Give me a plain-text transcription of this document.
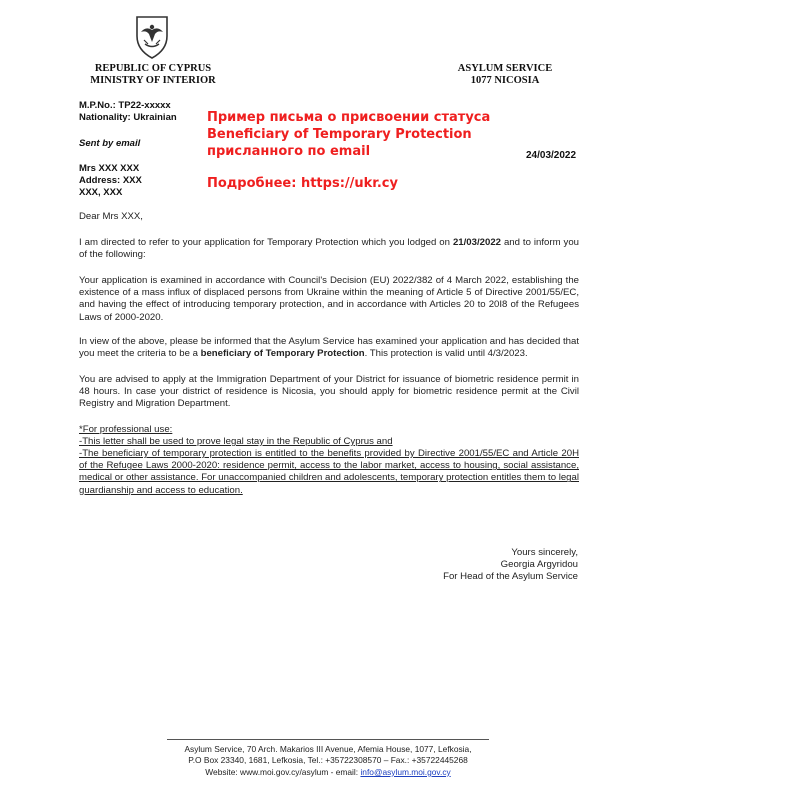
REPUBLIC OF CYPRUS
MINISTRY OF INTERIOR
ASYLUM SERVICE
1077 NICOSIA
M.P.No.: TP22-xxxxx
Nationality: Ukrainian
Sent by email
Mrs XXX XXX
Address: XXX
XXX, XXX
Пример письма о присвоении статуса
Beneficiary of Temporary Protection
присланного по email
Подробнее: https://ukr.cy
24/03/2022
Dear Mrs XXX,
I am directed to refer to your application for Temporary Protection which you lodged on 21/03/2022 and to inform you of the following:
Your application is examined in accordance with Council's Decision (EU) 2022/382 of 4 March 2022, establishing the existence of a mass influx of displaced persons from Ukraine within the meaning of Article 5 of Directive 2001/55/EC, and having the effect of introducing temporary protection, and in accordance with Articles 20 to 20I8 of the Refugees Laws of 2000-2020.
In view of the above, please be informed that the Asylum Service has examined your application and has decided that you meet the criteria to be a beneficiary of Temporary Protection. This protection is valid until 4/3/2023.
You are advised to apply at the Immigration Department of your District for issuance of biometric residence permit in 48 hours. In case your district of residence is Nicosia, you should apply for biometric residence permit at the Civil Registry and Migration Department.
*For professional use:
-This letter shall be used to prove legal stay in the Republic of Cyprus and
-The beneficiary of temporary protection is entitled to the benefits provided by Directive 2001/55/EC and Article 20H of the Refugee Laws 2000-2020: residence permit, access to the labor market, access to housing, social assistance, medical or other assistance. For unaccompanied children and adolescents, temporary protection entitles them to legal guardianship and access to education.
Yours sincerely,
Georgia Argyridou
For Head of the Asylum Service
Asylum Service, 70 Arch. Makarios III Avenue, Afemia House, 1077, Lefkosia,
P.O Box 23340, 1681, Lefkosia, Tel.: +35722308570 – Fax.: +35722445268
Website: www.moi.gov.cy/asylum - email: info@asylum.moi.gov.cy
